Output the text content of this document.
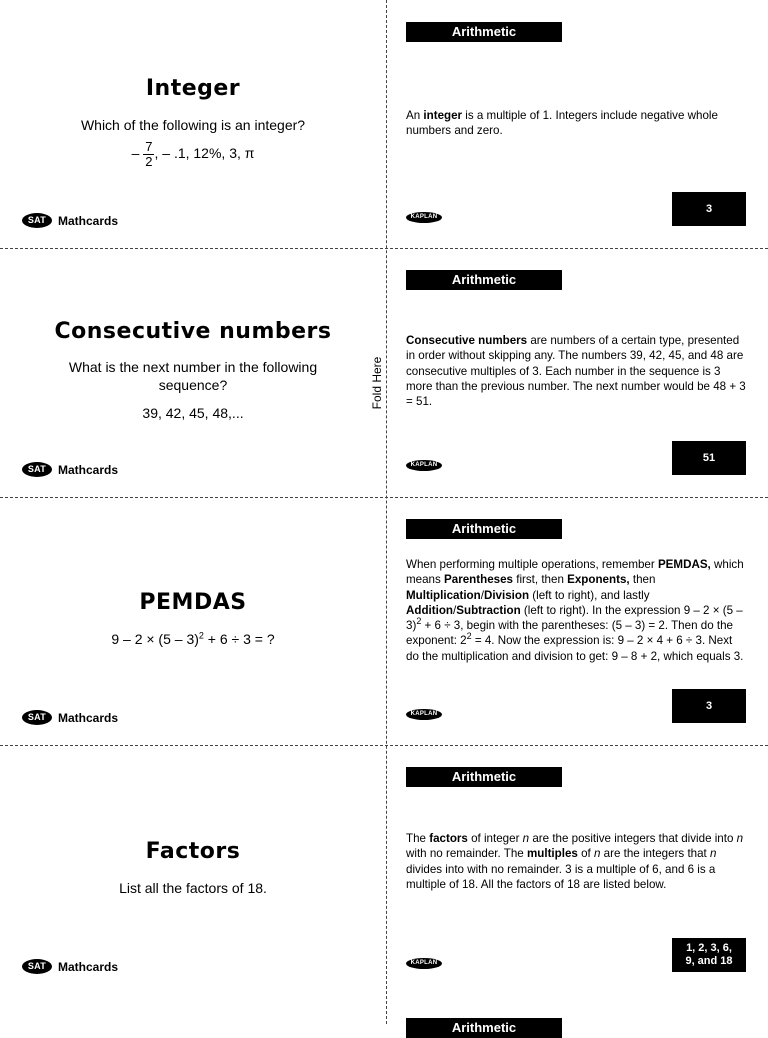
Fold Here
Integer
Which of the following is an integer?
– $\frac{7}{2}$ , – .1, 12%, 3, π
SAT Mathcards
Arithmetic
An integer is a multiple of 1. Integers include negative whole numbers and zero.
KAPLAN
3
Consecutive numbers
What is the next number in the following sequence?
39, 42, 45, 48,...
SAT Mathcards
Arithmetic
Consecutive numbers are numbers of a certain type, presented in order without skipping any. The numbers 39, 42, 45, and 48 are consecutive multiples of 3. Each number in the sequence is 3 more than the previous number. The next number would be 48 + 3 = 51.
KAPLAN
51
PEMDAS
9 – 2 × (5 – 3)$^2$ + 6 ÷ 3 = ?
SAT Mathcards
Arithmetic
When performing multiple operations, remember PEMDAS, which means Parentheses first, then Exponents, then Multiplication/Division (left to right), and lastly Addition/Subtraction (left to right). In the expression 9 – 2 × (5 – 3)$^2$ + 6 ÷ 3, begin with the parentheses: (5 – 3) = 2. Then do the exponent: $2^2 = 4$. Now the expression is: 9 – 2 × 4 + 6 ÷ 3. Next do the multiplication and division to get: 9 – 8 + 2, which equals 3.
KAPLAN
3
Factors
List all the factors of 18.
SAT Mathcards
Arithmetic
The factors of integer n are the positive integers that divide into n with no remainder. The multiples of n are the integers that n divides into with no remainder. 3 is a multiple of 6, and 6 is a multiple of 18. All the factors of 18 are listed below.
KAPLAN
1, 2, 3, 6,
9, and 18
Arithmetic
